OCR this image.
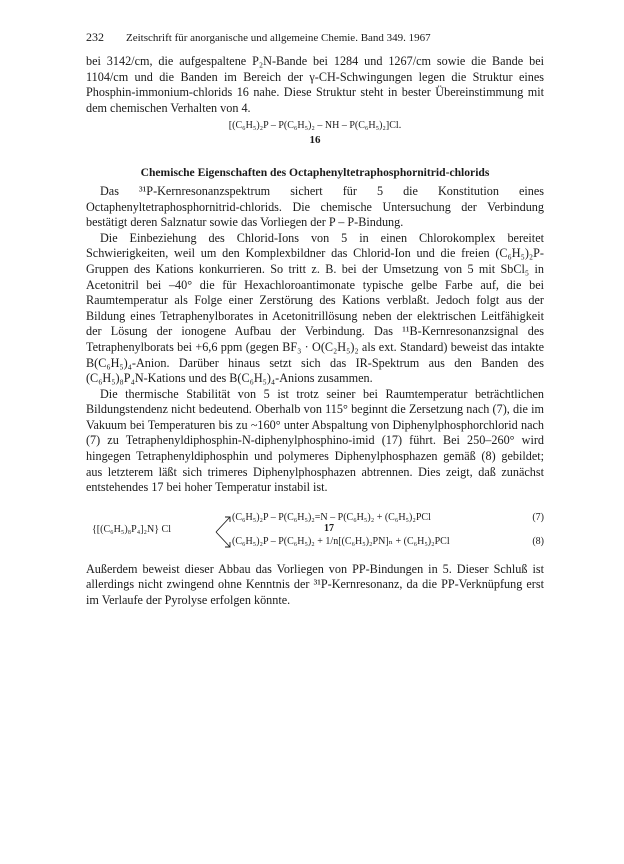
232 Zeitschrift für anorganische und allgemeine Chemie. Band 349. 1967

bei 3142/cm, die aufgespaltene P₂N-Bande bei 1284 und 1267/cm sowie die Bande bei 1104/cm und die Banden im Bereich der γ-CH-Schwingungen legen die Struktur eines Phosphin-immonium-chlorids 16 nahe. Diese Struktur steht in bester Übereinstimmung mit dem chemischen Verhalten von 4.

[(C₆H₅)₂P – P(C₆H₅)₂ – NH – P(C₆H₅)₂]Cl.
16
Chemische Eigenschaften des Octaphenyltetraphosphornitrid-chlorids

Das ³¹P-Kernresonanzspektrum sichert für 5 die Konstitution eines Octaphenyltetraphosphornitrid-chlorids. Die chemische Untersuchung der Verbindung bestätigt deren Salznatur sowie das Vorliegen der P – P-Bindung.

Die Einbeziehung des Chlorid-Ions von 5 in einen Chlorokomplex bereitet Schwierigkeiten, weil um den Komplexbildner das Chlorid-Ion und die freien (C₆H₅)₂P-Gruppen des Kations konkurrieren. So tritt z. B. bei der Umsetzung von 5 mit SbCl₅ in Acetonitril bei –40° die für Hexachloroantimonate typische gelbe Farbe auf, die bei Raumtemperatur als Folge einer Zerstörung des Kations verblaßt. Jedoch folgt aus der Bildung eines Tetraphenylborates in Acetonitrillösung neben der elektrischen Leitfähigkeit der Lösung der ionogene Aufbau der Verbindung. Das ¹¹B-Kernresonanzsignal des Tetraphenylborats bei +6,6 ppm (gegen BF₃ · O(C₂H₅)₂ als ext. Standard) beweist das intakte B(C₆H₅)₄-Anion. Darüber hinaus setzt sich das IR-Spektrum aus den Banden des (C₆H₅)₈P₄N-Kations und des B(C₆H₅)₄-Anions zusammen.

Die thermische Stabilität von 5 ist trotz seiner bei Raumtemperatur beträchtlichen Bildungstendenz nicht bedeutend. Oberhalb von 115° beginnt die Zersetzung nach (7), die im Vakuum bei Temperaturen bis zu ~160° unter Abspaltung von Diphenylphosphorchlorid nach (7) zu Tetraphenyldiphosphin-N-diphenylphosphino-imid (17) führt. Bei 250–260° wird hingegen Tetraphenyldiphosphin und polymeres Diphenylphosphazen gemäß (8) gebildet; aus letzterem läßt sich trimeres Diphenylphosphazen abtrennen. Dies zeigt, daß zunächst entstehendes 17 bei hoher Temperatur instabil ist.

{[(C₆H₅)₈P₄]₂N} Cl
(C₆H₅)₂P – P(C₆H₅)₂=N – P(C₆H₅)₂ + (C₆H₅)₂PCl
17
(7)
(C₆H₅)₂P – P(C₆H₅)₂ + 1/n[(C₆H₅)₂PN]ₙ + (C₆H₅)₂PCl	(8)

Außerdem beweist dieser Abbau das Vorliegen von PP-Bindungen in 5. Dieser Schluß ist allerdings nicht zwingend ohne Kenntnis der ³¹P-Kernresonanz, da die PP-Verknüpfung erst im Verlaufe der Pyrolyse erfolgen könnte.
